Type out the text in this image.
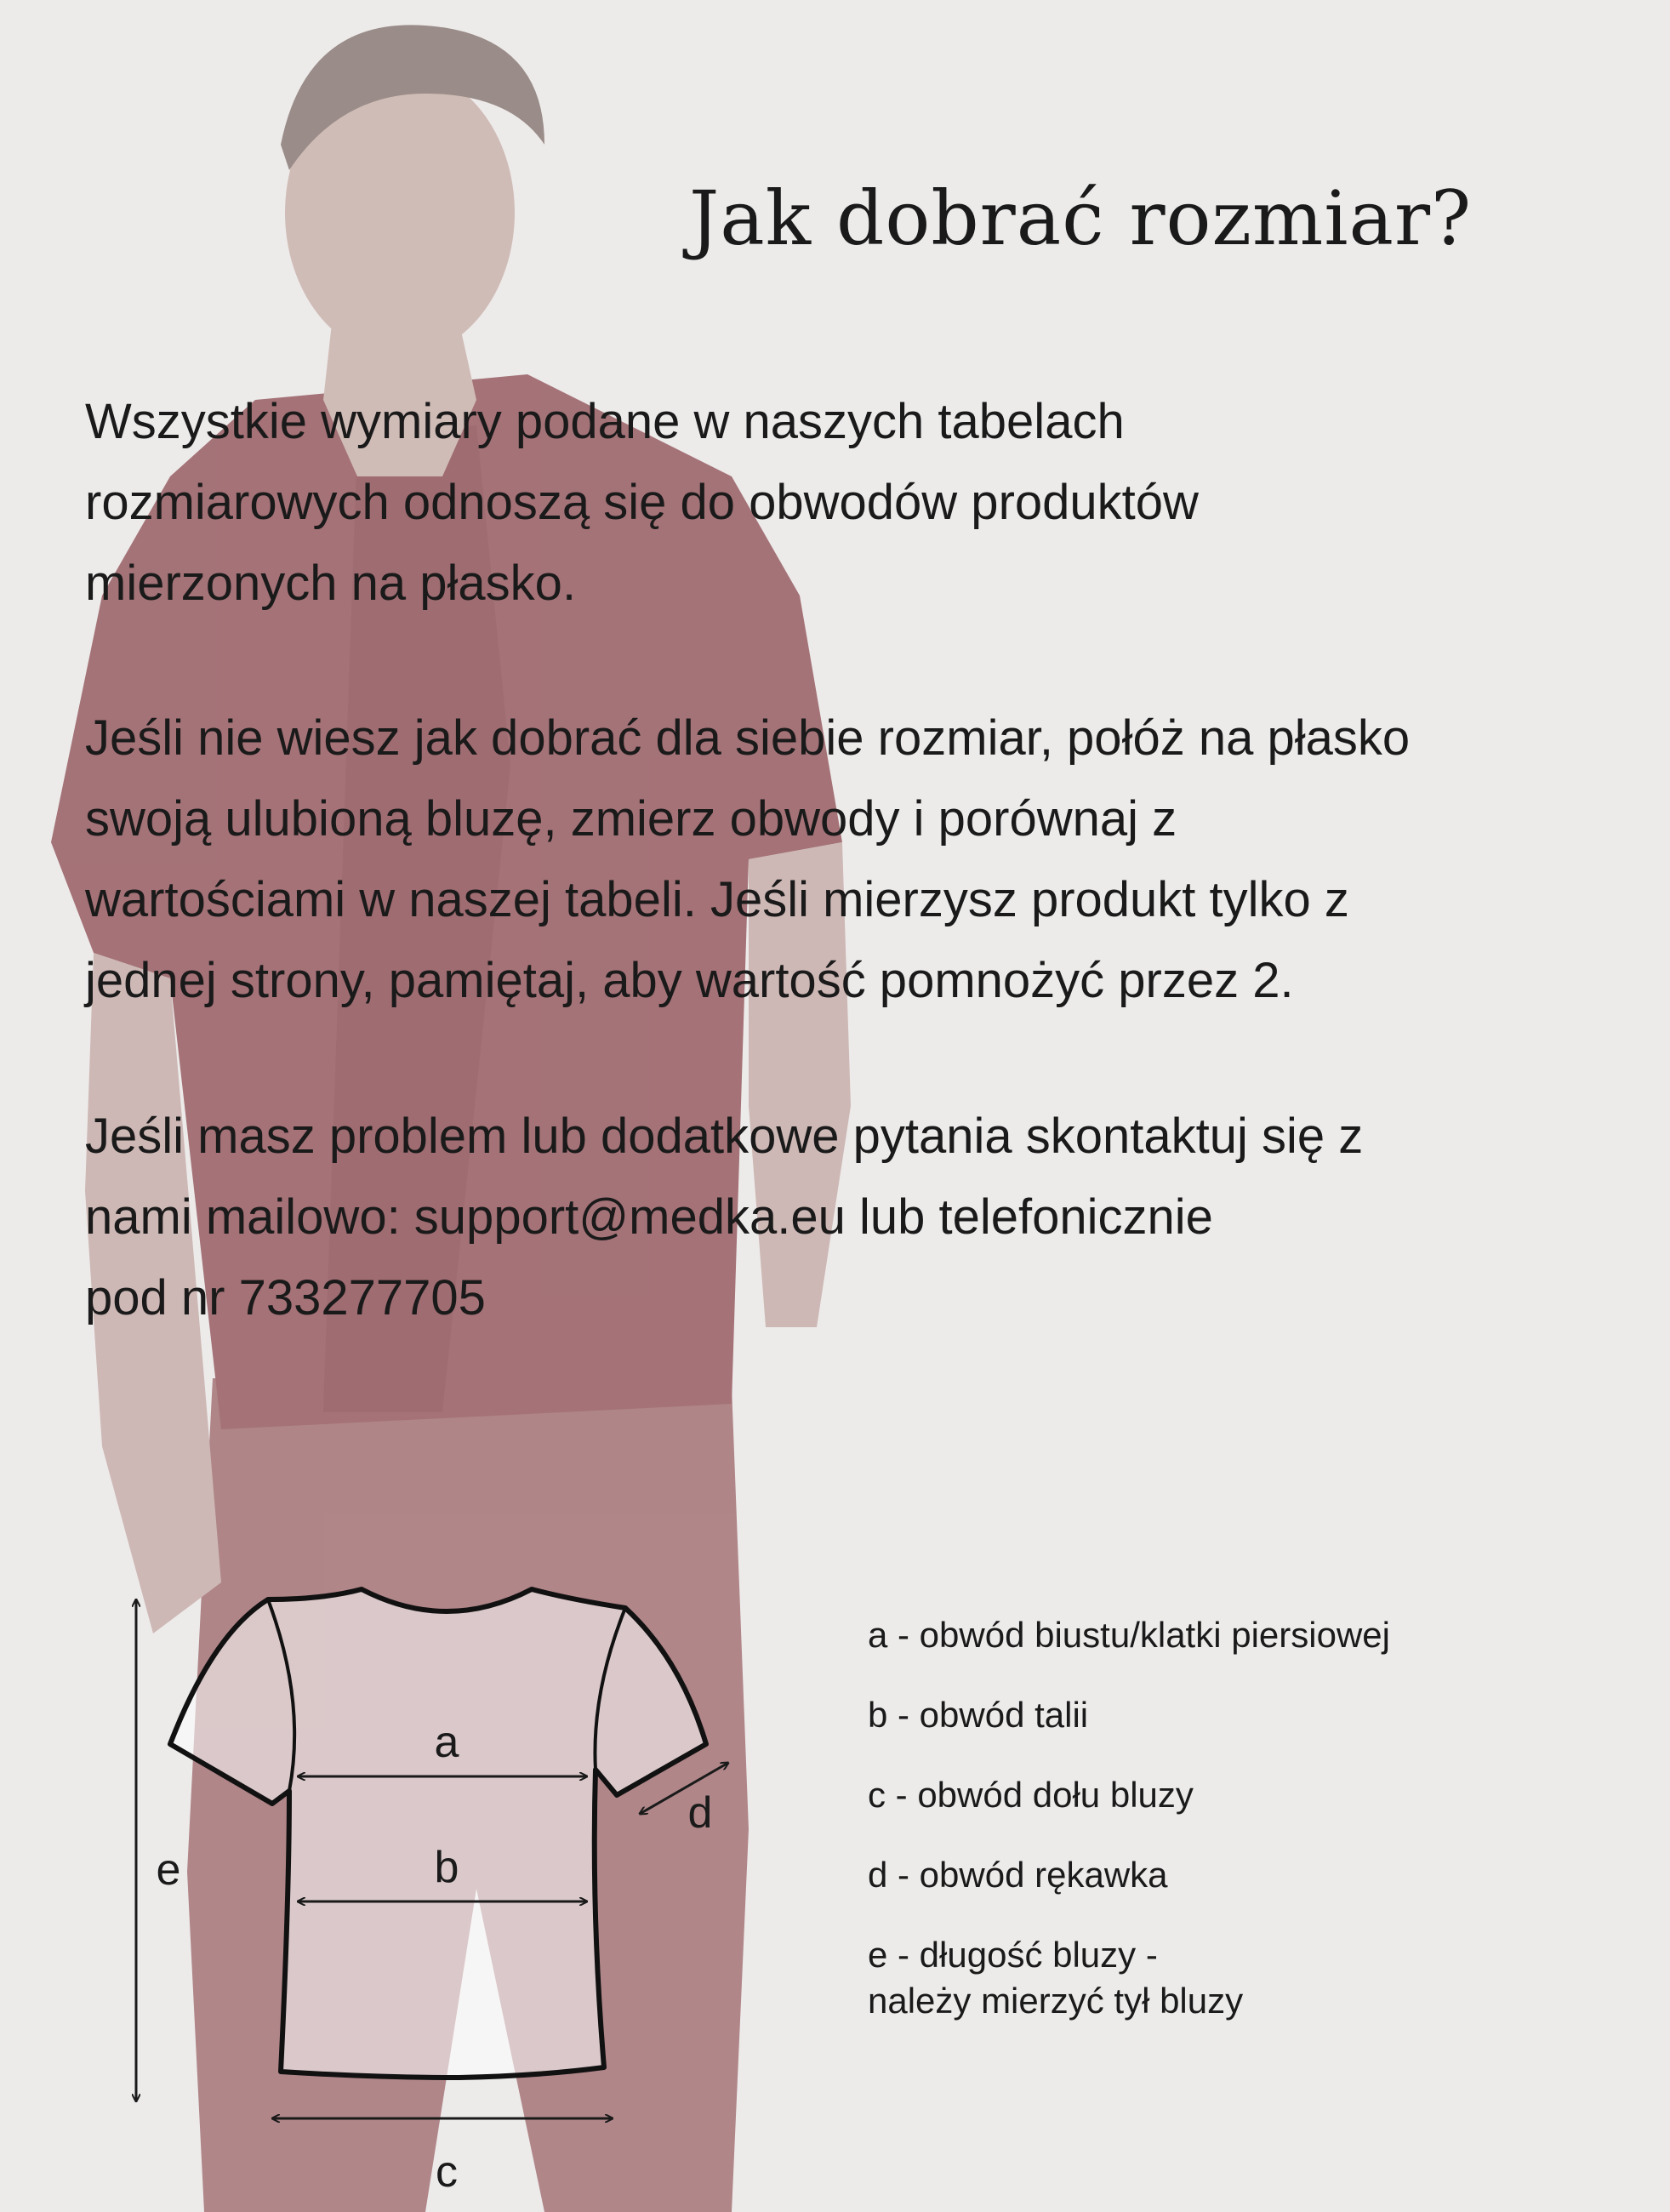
Jak dobrać rozmiar?
Wszystkie wymiary podane w naszych tabelach
rozmiarowych odnoszą się do obwodów produktów
mierzonych na płasko.
Jeśli nie wiesz jak dobrać dla siebie rozmiar, połóż na płasko
swoją ulubioną bluzę, zmierz obwody i porównaj z
wartościami w naszej tabeli. Jeśli mierzysz produkt tylko z
jednej strony, pamiętaj, aby wartość pomnożyć przez 2.
Jeśli masz problem lub dodatkowe pytania skontaktuj się z
nami mailowo: support@medka.eu lub telefonicznie
pod nr 733277705
a
b
c
d
e
a - obwód biustu/klatki piersiowej
b - obwód talii
c - obwód dołu bluzy
d - obwód rękawka
e - długość bluzy -
należy mierzyć tył bluzy
